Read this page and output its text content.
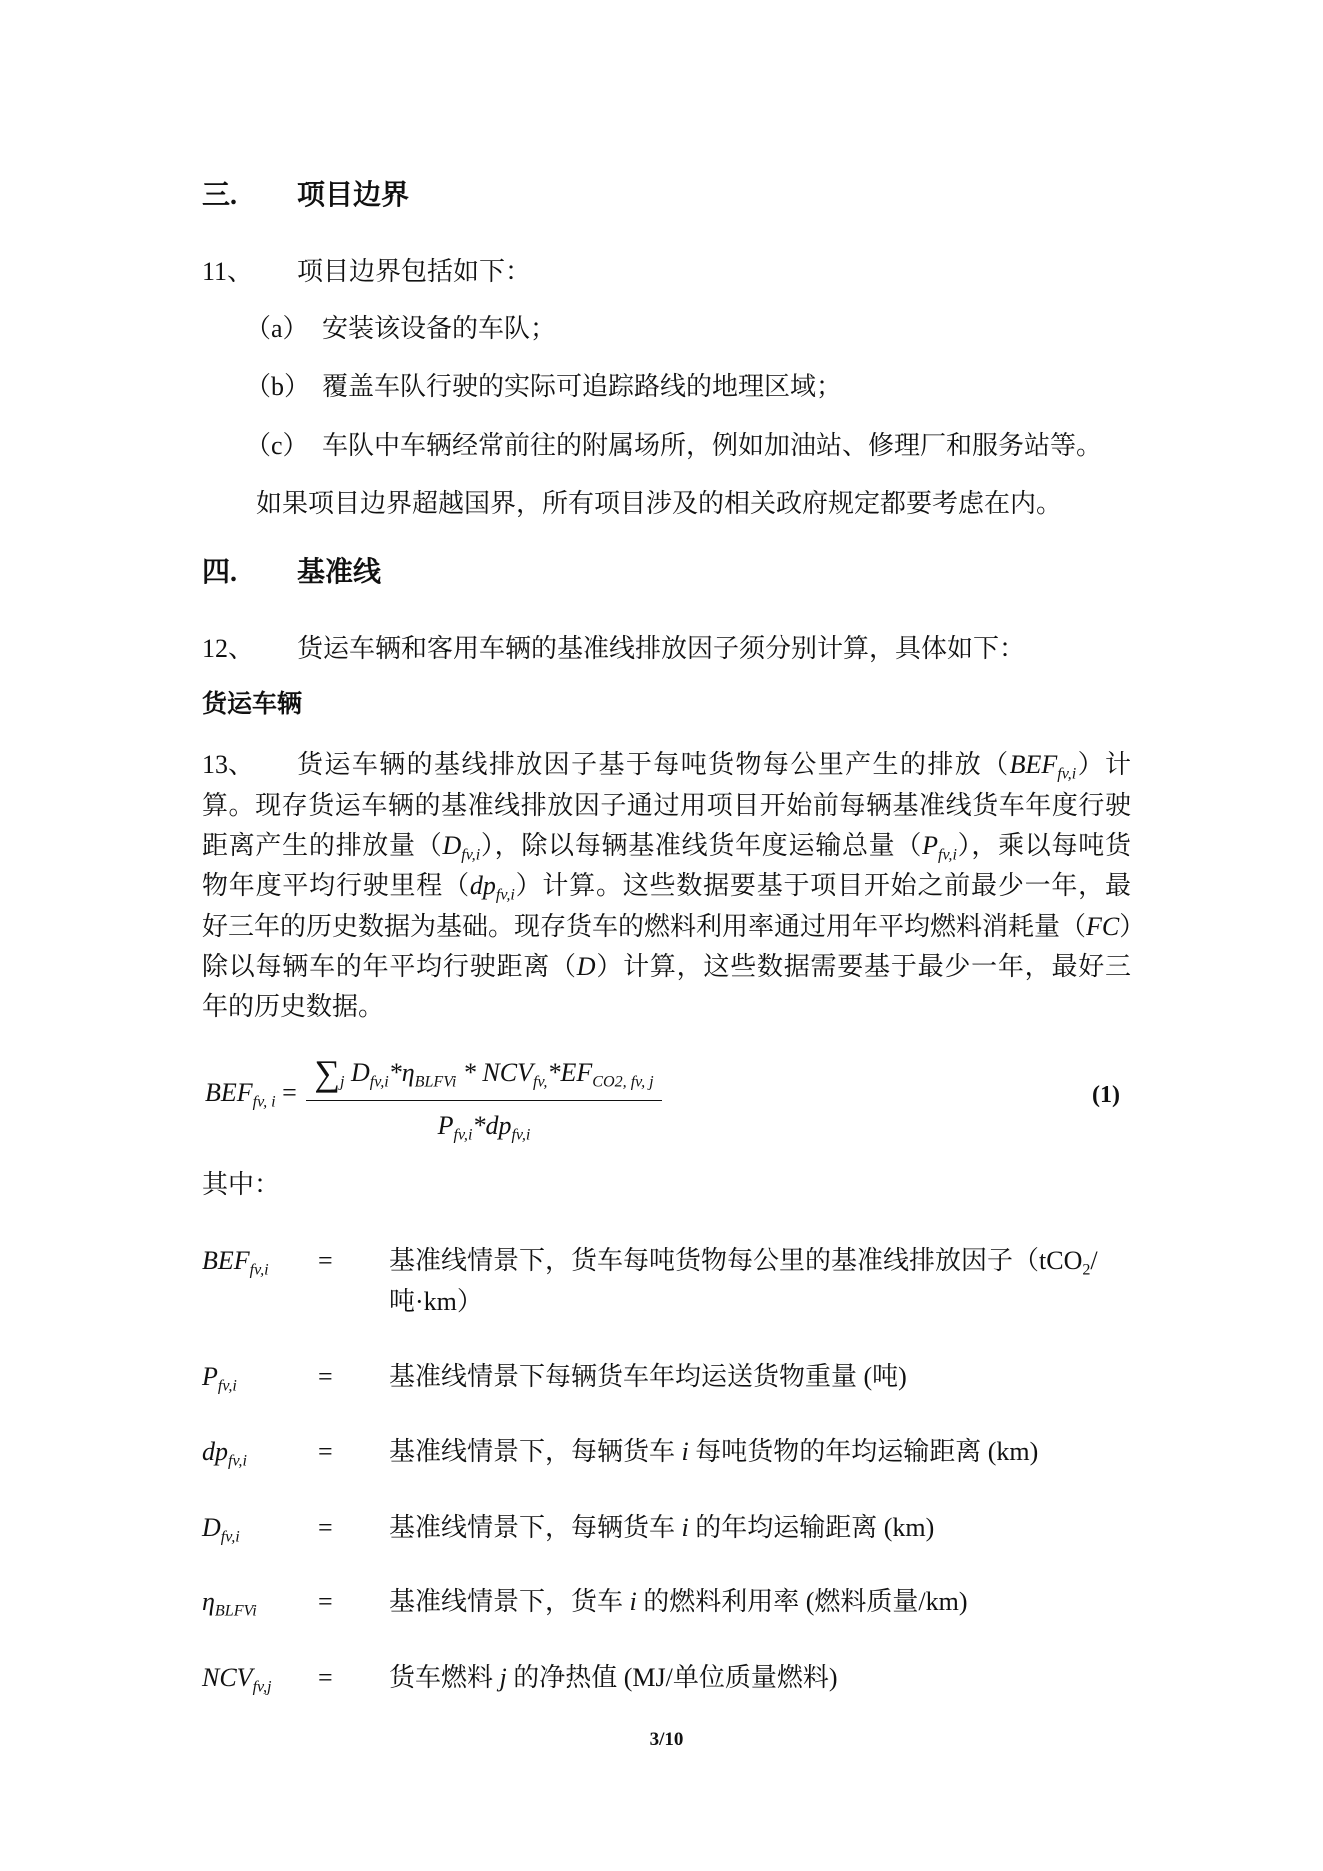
三. 项目边界
11、 项目边界包括如下：
（a） 安装该设备的车队；
（b） 覆盖车队行驶的实际可追踪路线的地理区域；
（c） 车队中车辆经常前往的附属场所，例如加油站、修理厂和服务站等。
如果项目边界超越国界，所有项目涉及的相关政府规定都要考虑在内。
四. 基准线
12、 货运车辆和客用车辆的基准线排放因子须分别计算，具体如下：
货运车辆
13、 货运车辆的基线排放因子基于每吨货物每公里产生的排放$(BEF_{fv,i})$计
算。现存货运车辆的基准线排放因子通过用项目开始前每辆基准线货车年度行驶
距离产生的排放量$(D_{fv,i})$，除以每辆基准线货年度运输总量$(P_{fv,i})$，乘以每吨货
物年度平均行驶里程$(dp_{fv,i})$计算。这些数据要基于项目开始之前最少一年，最
好三年的历史数据为基础。现存货车的燃料利用率通过用年平均燃料消耗量（FC）
除以每辆车的年平均行驶距离（D）计算，这些数据需要基于最少一年，最好三
年的历史数据。
$BEF_{fv, i} = \sum_j$ $D_{fv,i}*\eta_{BLFVi} * NCV_{fv,}*EF_{CO2, fv, j}$
$P_{fv,i}*dp_{fv,i}$
(1)
其中：
$BEF_{fv,i}$ = 基准线情景下，货车每吨货物每公里的基准线排放因子（tCO$_2$/
吨·km）
$P_{fv,i}$	= 基准线情景下每辆货车年均运送货物重量 (吨)
$dp_{fv,i}$	= 基准线情景下，每辆货车 i 每吨货物的年均运输距离 (km)
$D_{fv,i}$	= 基准线情景下，每辆货车 i 的年均运输距离 (km)
$\eta_{BLFVi}$ = 基准线情景下，货车 i 的燃料利用率 (燃料质量/km)
$NCV_{fv,j}$ = 货车燃料 j 的净热值 (MJ/单位质量燃料)
3/10
